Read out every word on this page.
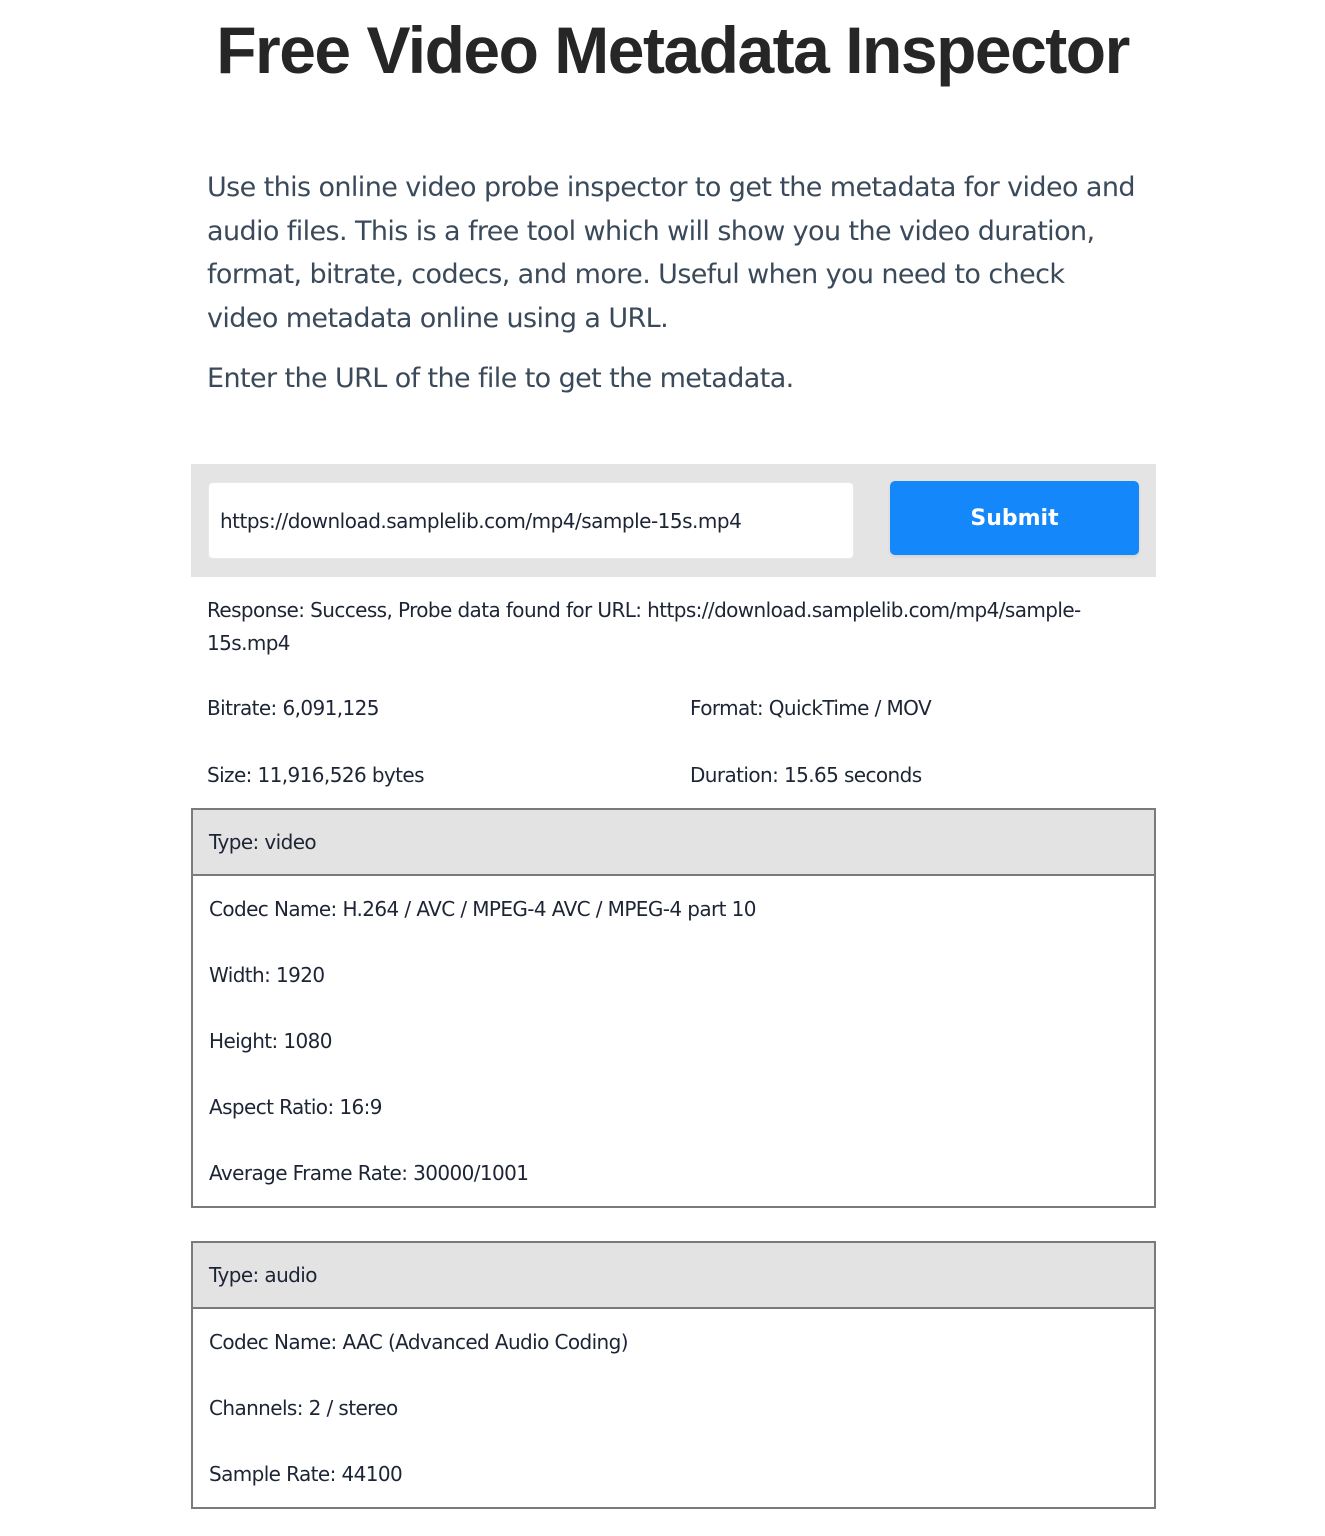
Free Video Metadata Inspector

Use this online video probe inspector to get the metadata for video and audio files. This is a free tool which will show you the video duration, format, bitrate, codecs, and more. Useful when you need to check video metadata online using a URL.

Enter the URL of the file to get the metadata.

https://download.samplelib.com/mp4/sample-15s.mp4
Submit

Response: Success, Probe data found for URL: https://download.samplelib.com/mp4/sample-15s.mp4

Bitrate: 6,091,125	Format: QuickTime / MOV

Size: 11,916,526 bytes	Duration: 15.65 seconds

Type: video
Codec Name: H.264 / AVC / MPEG-4 AVC / MPEG-4 part 10
Width: 1920
Height: 1080
Aspect Ratio: 16:9
Average Frame Rate: 30000/1001
Type: audio
Codec Name: AAC (Advanced Audio Coding)
Channels: 2 / stereo
Sample Rate: 44100
